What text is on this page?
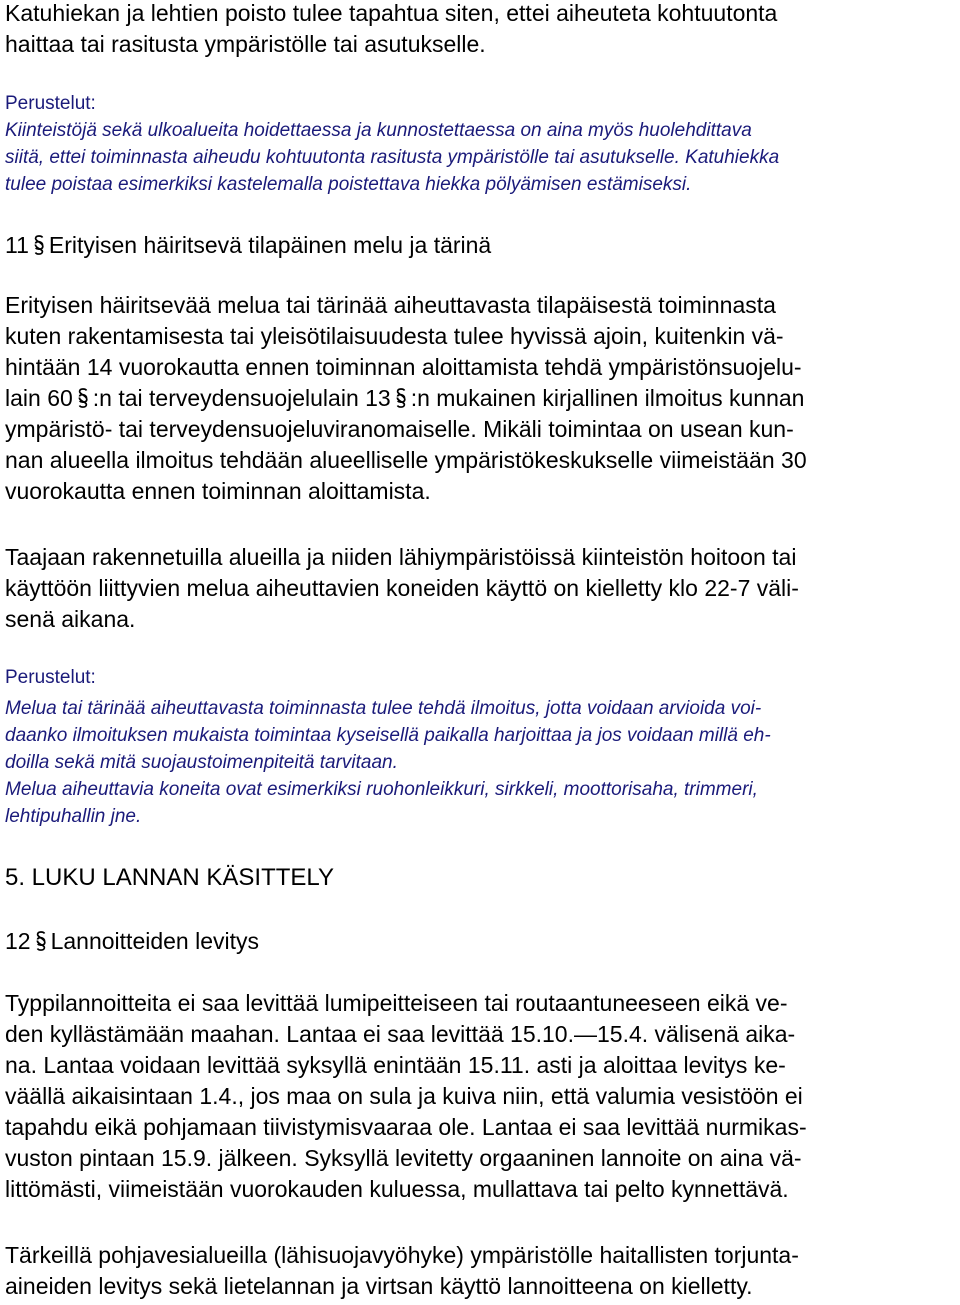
Katuhiekan ja lehtien poisto tulee tapahtua siten, ettei aiheuteta kohtuutonta
haittaa tai rasitusta ympäristölle tai asutukselle.
Perustelut:
Kiinteistöjä sekä ulkoalueita hoidettaessa ja kunnostettaessa on aina myös huolehdittava
siitä, ettei toiminnasta aiheudu kohtuutonta rasitusta ympäristölle tai asutukselle. Katuhiekka
tulee poistaa esimerkiksi kastelemalla poistettava hiekka pölyämisen estämiseksi.
11 Erityisen häiritsevä tilapäinen melu ja tärinä
Erityisen häiritsevää melua tai tärinää aiheuttavasta tilapäisestä toiminnasta
kuten rakentamisesta tai yleisötilaisuudesta tulee hyvissä ajoin, kuitenkin vä-
hintään 14 vuorokautta ennen toiminnan aloittamista tehdä ympäristönsuojelu-
lain 60 :n tai terveydensuojelulain 13 :n mukainen kirjallinen ilmoitus kunnan
ympäristö- tai terveydensuojeluviranomaiselle. Mikäli toimintaa on usean kun-
nan alueella ilmoitus tehdään alueelliselle ympäristökeskukselle viimeistään 30
vuorokautta ennen toiminnan aloittamista.
Taajaan rakennetuilla alueilla ja niiden lähiympäristöissä kiinteistön hoitoon tai
käyttöön liittyvien melua aiheuttavien koneiden käyttö on kielletty klo 22-7 väli-
senä aikana.
Perustelut:
Melua tai tärinää aiheuttavasta toiminnasta tulee tehdä ilmoitus, jotta voidaan arvioida voi-
daanko ilmoituksen mukaista toimintaa kyseisellä paikalla harjoittaa ja jos voidaan millä eh-
doilla sekä mitä suojaustoimenpiteitä tarvitaan.
Melua aiheuttavia koneita ovat esimerkiksi ruohonleikkuri, sirkkeli, moottorisaha, trimmeri,
lehtipuhallin jne.
5. LUKU LANNAN KÄSITTELY
12 Lannoitteiden levitys
Typpilannoitteita ei saa levittää lumipeitteiseen tai routaantuneeseen eikä ve-
den kyllästämään maahan. Lantaa ei saa levittää 15.10.—15.4. välisenä aika-
na. Lantaa voidaan levittää syksyllä enintään 15.11. asti ja aloittaa levitys ke-
väällä aikaisintaan 1.4., jos maa on sula ja kuiva niin, että valumia vesistöön ei
tapahdu eikä pohjamaan tiivistymisvaaraa ole. Lantaa ei saa levittää nurmikas-
vuston pintaan 15.9. jälkeen. Syksyllä levitetty orgaaninen lannoite on aina vä-
littömästi, viimeistään vuorokauden kuluessa, mullattava tai pelto kynnettävä.
Tärkeillä pohjavesialueilla (lähisuojavyöhyke) ympäristölle haitallisten torjunta-
aineiden levitys sekä lietelannan ja virtsan käyttö lannoitteena on kielletty.
